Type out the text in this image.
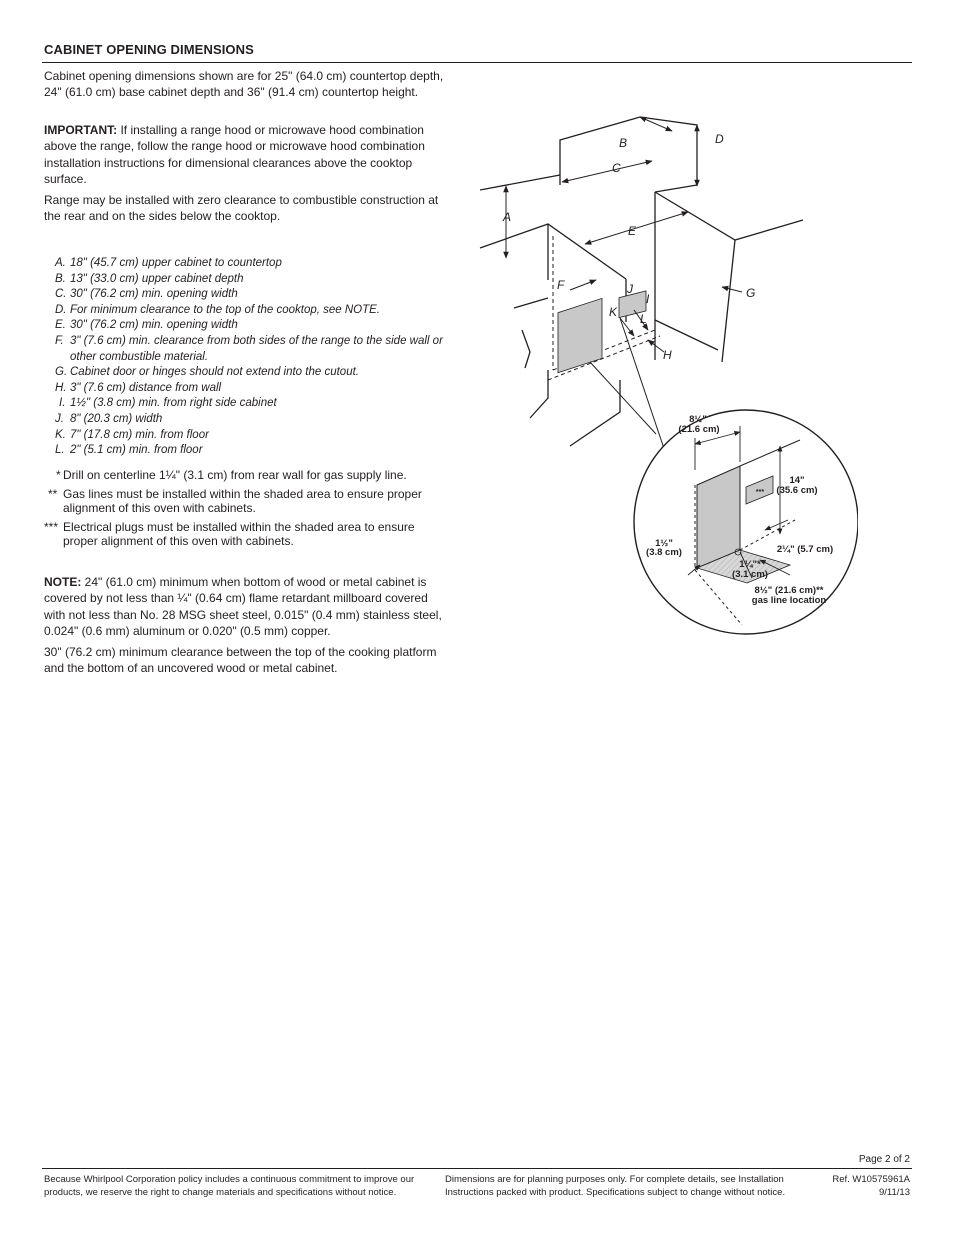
CABINET OPENING DIMENSIONS

Cabinet opening dimensions shown are for 25" (64.0 cm) countertop depth, 24" (61.0 cm) base cabinet depth and 36" (91.4 cm) countertop height.

IMPORTANT: If installing a range hood or microwave hood combination above the range, follow the range hood or microwave hood combination installation instructions for dimensional clearances above the cooktop surface.

Range may be installed with zero clearance to combustible construction at the rear and on the sides below the cooktop.

A. 18" (45.7 cm) upper cabinet to countertop
B. 13" (33.0 cm) upper cabinet depth
C. 30" (76.2 cm) min. opening width
D. For minimum clearance to the top of the cooktop, see NOTE.
E. 30" (76.2 cm) min. opening width
F. 3" (7.6 cm) min. clearance from both sides of the range to the side wall or other combustible material.
G. Cabinet door or hinges should not extend into the cutout.
H. 3" (7.6 cm) distance from wall
I. 1½" (3.8 cm) min. from right side cabinet
J. 8" (20.3 cm) width
K. 7" (17.8 cm) min. from floor
L. 2" (5.1 cm) min. from floor
* Drill on centerline 1¼" (3.1 cm) from rear wall for gas supply line.
** Gas lines must be installed within the shaded area to ensure proper alignment of this oven with cabinets.
*** Electrical plugs must be installed within the shaded area to ensure proper alignment of this oven with cabinets.

NOTE: 24" (61.0 cm) minimum when bottom of wood or metal cabinet is covered by not less than ¼" (0.64 cm) flame retardant millboard covered with not less than No. 28 MSG sheet steel, 0.015" (0.4 mm) stainless steel, 0.024" (0.6 mm) aluminum or 0.020" (0.5 mm) copper.

30" (76.2 cm) minimum clearance between the top of the cooking platform and the bottom of an uncovered wood or metal cabinet.

A
B
C
D
E
F
G
H
I
J
K L
8½"
(21.6 cm)
14"
(35.6 cm)
***
1½"
(3.8 cm)	2¼" (5.7 cm)
1¼"*
(3.1 cm)
8½" (21.6 cm)**
gas line location
Page 2 of 2
Because Whirlpool Corporation policy includes a continuous commitment to improve our products, we reserve the right to change materials and specifications without notice.
Dimensions are for planning purposes only. For complete details, see Installation Instructions packed with product. Specifications subject to change without notice.
Ref. W10575961A
9/11/13
